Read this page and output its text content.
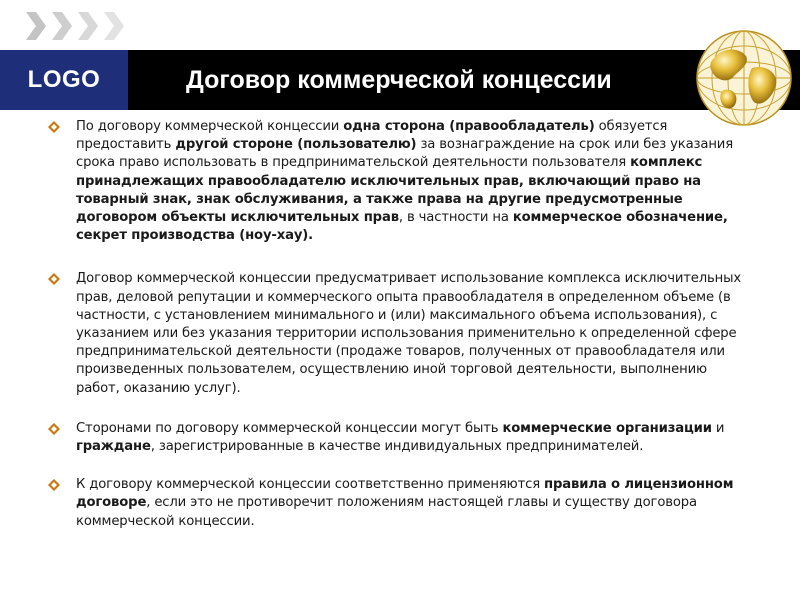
LOGO	Договор коммерческой концессии
По договору коммерческой концессии одна сторона (правообладатель) обязуется предоставить другой стороне (пользователю) за вознаграждение на срок или без указания срока право использовать в предпринимательской деятельности пользователя комплекс принадлежащих правообладателю исключительных прав, включающий право на товарный знак, знак обслуживания, а также права на другие предусмотренные договором объекты исключительных прав, в частности на коммерческое обозначение, секрет производства (ноу-хау).
Договор коммерческой концессии предусматривает использование комплекса исключительных прав, деловой репутации и коммерческого опыта правообладателя в определенном объеме (в частности, с установлением минимального и (или) максимального объема использования), с указанием или без указания территории использования применительно к определенной сфере предпринимательской деятельности (продаже товаров, полученных от правообладателя или произведенных пользователем, осуществлению иной торговой деятельности, выполнению работ, оказанию услуг).
Сторонами по договору коммерческой концессии могут быть коммерческие организации и граждане, зарегистрированные в качестве индивидуальных предпринимателей.
К договору коммерческой концессии соответственно применяются правила о лицензионном договоре, если это не противоречит положениям настоящей главы и существу договора коммерческой концессии.
